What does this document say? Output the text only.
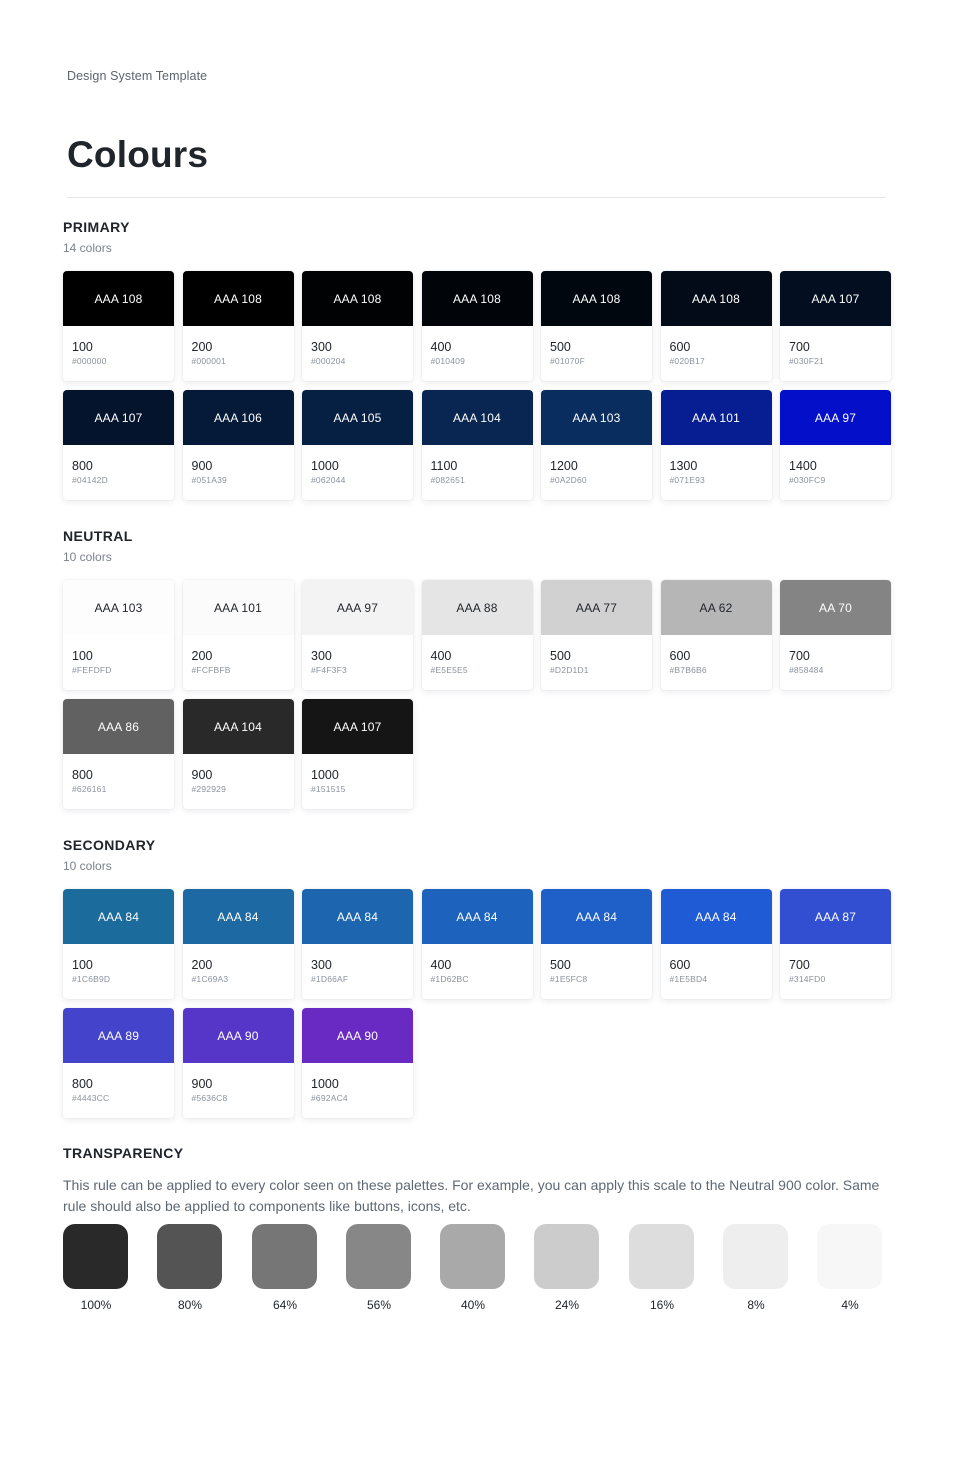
Design System Template
Colours
PRIMARY
14 colors
AAA 108
100
#000000
AAA 108
200
#000001
AAA 108
300
#000204
AAA 108
400
#010409
AAA 108
500
#01070F
AAA 108
600
#020B17
AAA 107
700
#030F21
AAA 107
800
#04142D
AAA 106
900
#051A39
AAA 105
1000
#062044
AAA 104
1100
#082651
AAA 103
1200
#0A2D60
AAA 101
1300
#071E93
AAA 97
1400
#030FC9
NEUTRAL
10 colors
AAA 103
100
#FEFDFD
AAA 101
200
#FCFBFB
AAA 97
300
#F4F3F3
AAA 88
400
#E5E5E5
AAA 77
500
#D2D1D1
AA 62
600
#B7B6B6
AA 70
700
#858484
AAA 86
800
#626161
AAA 104
900
#292929
AAA 107
1000
#151515
SECONDARY
10 colors
AAA 84
100
#1C6B9D
AAA 84
200
#1C69A3
AAA 84
300
#1D66AF
AAA 84
400
#1D62BC
AAA 84
500
#1E5FC8
AAA 84
600
#1E5BD4
AAA 87
700
#314FD0
AAA 89
800
#4443CC
AAA 90
900
#5636C8
AAA 90
1000
#692AC4
TRANSPARENCY

This rule can be applied to every color seen on these palettes. For example, you can apply this scale to the Neutral 900 color. Same rule should also be applied to components like buttons, icons, etc.

100%	80%	64%	56%	40%	24%	16%	8%	4%
